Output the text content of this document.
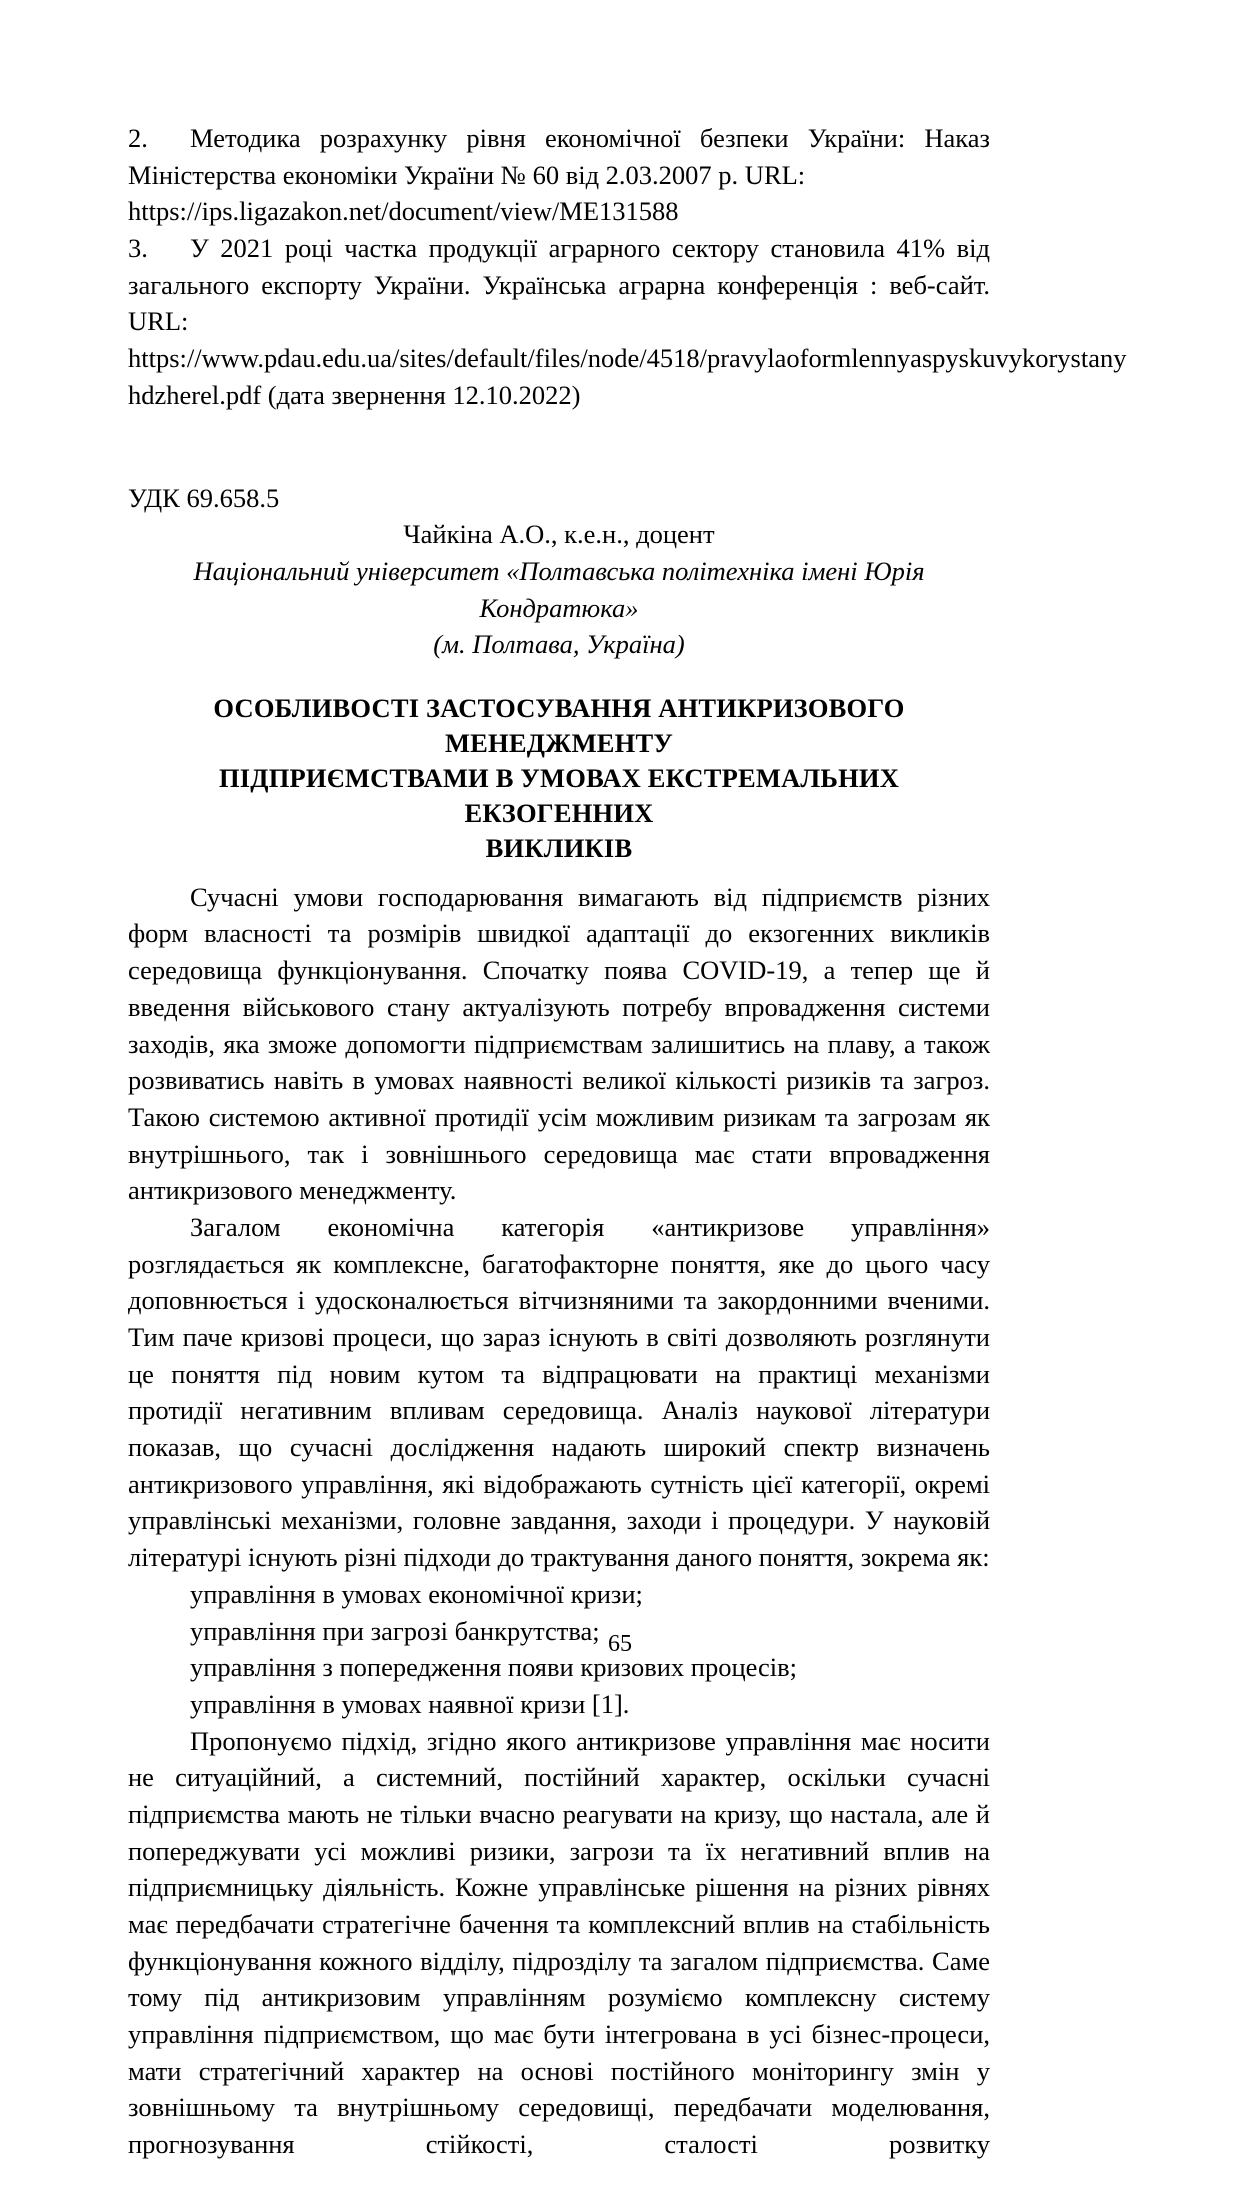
2. Методика розрахунку рівня економічної безпеки України: Наказ Міністерства економіки України № 60 від 2.03.2007 р. URL:

https://ips.ligazakon.net/document/view/ME131588

3. У 2021 році частка продукції аграрного сектору становила 41% від загального експорту України. Українська аграрна конференція : веб-сайт. URL:

https://www.pdau.edu.ua/sites/default/files/node/4518/pravylaoformlennyaspyskuvykorystany hdzherel.pdf (дата звернення 12.10.2022)

УДК 69.658.5

Чайкіна А.О., к.е.н., доцент

Національний університет «Полтавська політехніка імені Юрія Кондратюка»

(м. Полтава, Україна)

ОСОБЛИВОСТІ ЗАСТОСУВАННЯ АНТИКРИЗОВОГО МЕНЕДЖМЕНТУ
ПІДПРИЄМСТВАМИ В УМОВАХ ЕКСТРЕМАЛЬНИХ ЕКЗОГЕННИХ
ВИКЛИКІВ

Сучасні умови господарювання вимагають від підприємств різних форм власності та розмірів швидкої адаптації до екзогенних викликів середовища функціонування. Спочатку поява COVID-19, а тепер ще й введення військового стану актуалізують потребу впровадження системи заходів, яка зможе допомогти підприємствам залишитись на плаву, а також розвиватись навіть в умовах наявності великої кількості ризиків та загроз. Такою системою активної протидії усім можливим ризикам та загрозам як внутрішнього, так і зовнішнього середовища має стати впровадження антикризового менеджменту.

Загалом економічна категорія «антикризове управління» розглядається як комплексне, багатофакторне поняття, яке до цього часу доповнюється і удосконалюється вітчизняними та закордонними вченими. Тим паче кризові процеси, що зараз існують в світі дозволяють розглянути це поняття під новим кутом та відпрацювати на практиці механізми протидії негативним впливам середовища. Аналіз наукової літератури показав, що сучасні дослідження надають широкий спектр визначень антикризового управління, які відображають сутність цієї категорії, окремі управлінські механізми, головне завдання, заходи і процедури. У науковій літературі існують різні підходи до трактування даного поняття, зокрема як:

управління в умовах економічної кризи;

управління при загрозі банкрутства;

управління з попередження появи кризових процесів;

управління в умовах наявної кризи [1].

Пропонуємо підхід, згідно якого антикризове управління має носити не ситуаційний, а системний, постійний характер, оскільки сучасні підприємства мають не тільки вчасно реагувати на кризу, що настала, але й попереджувати усі можливі ризики, загрози та їх негативний вплив на підприємницьку діяльність. Кожне управлінське рішення на різних рівнях має передбачати стратегічне бачення та комплексний вплив на стабільність функціонування кожного відділу, підрозділу та загалом підприємства. Саме тому під антикризовим управлінням розуміємо комплексну систему управління підприємством, що має бути інтегрована в усі бізнес-процеси, мати стратегічний характер на основі постійного моніторингу змін у зовнішньому та внутрішньому середовищі, передбачати моделювання, прогнозування стійкості, сталості розвитку

65
